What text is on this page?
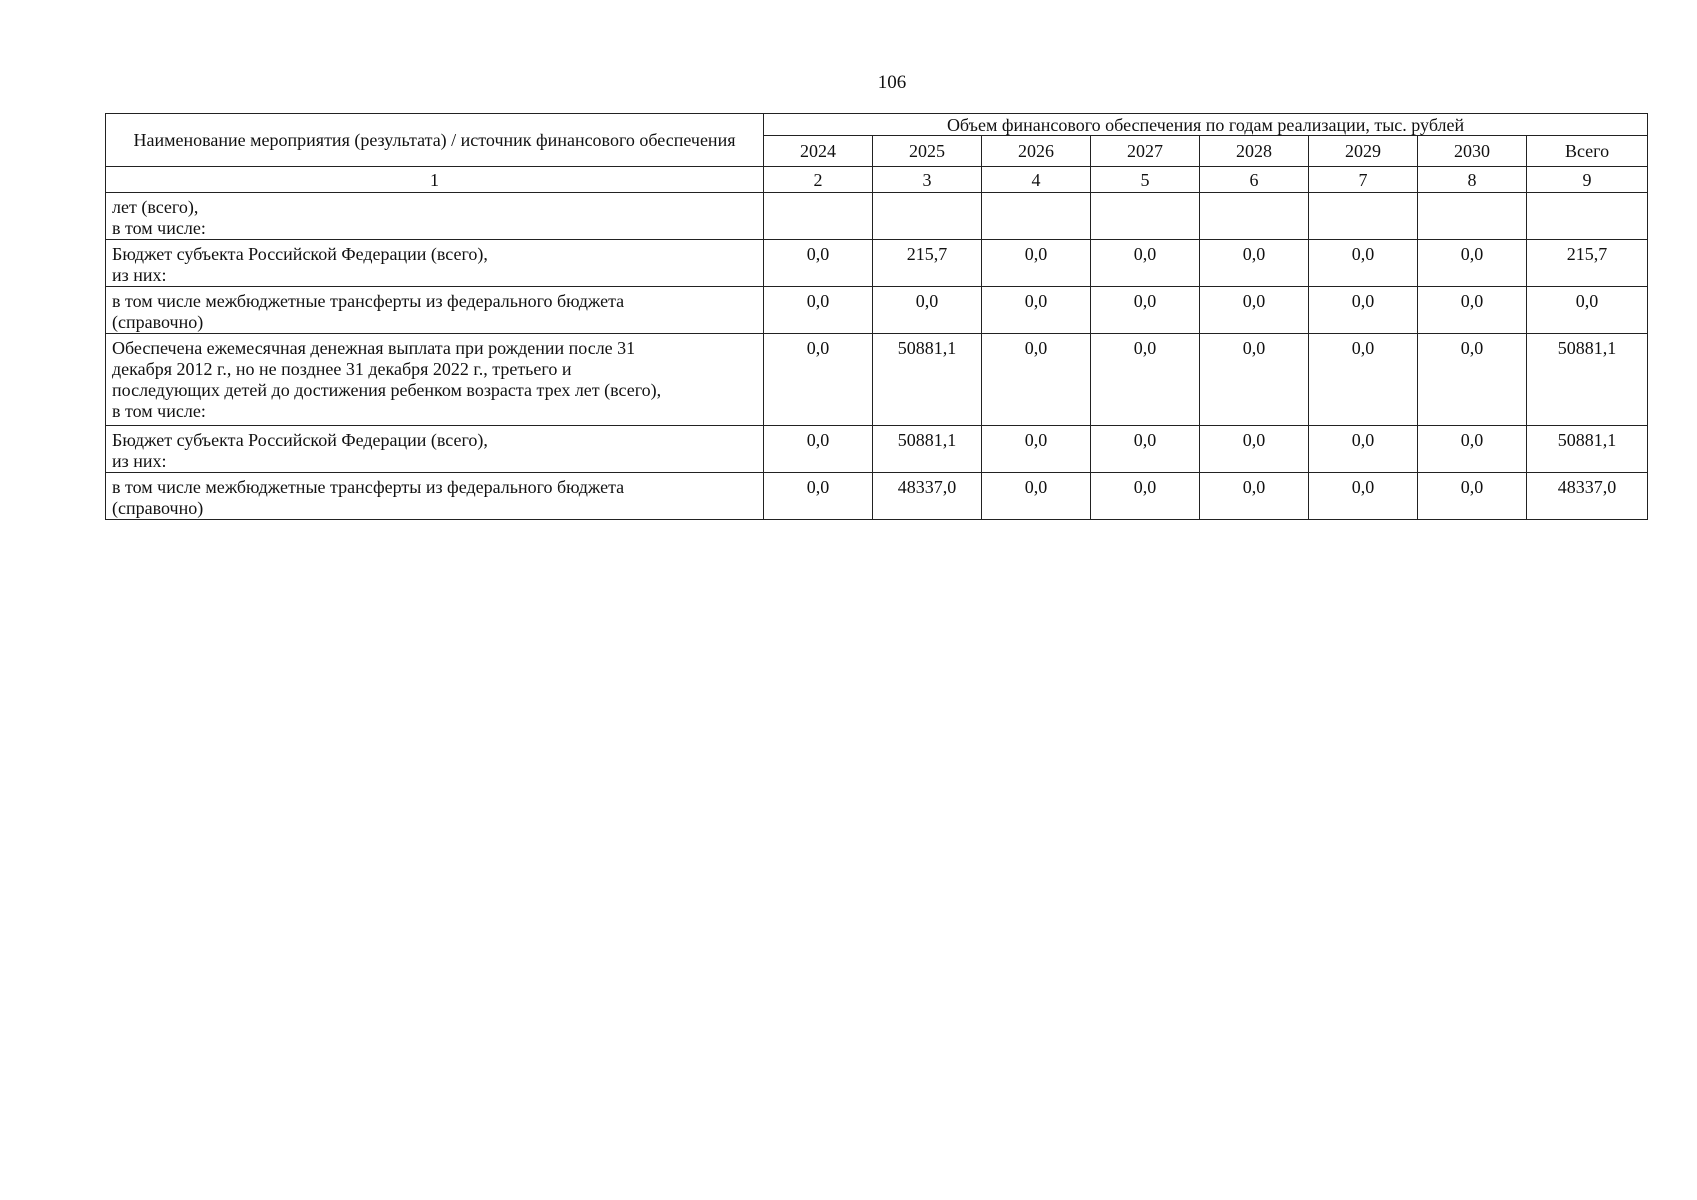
106
Наименование мероприятия (результата) / источник финансового обеспечения	Объем финансового обеспечения по годам реализации, тыс. рублей							
	2024	2025	2026	2027	2028	2029	2030	Всего
1	2	3	4	5	6	7	8	9
лет (всего),
в том числе:								
Бюджет субъекта Российской Федерации (всего),
из них:	0,0	215,7	0,0	0,0	0,0	0,0	0,0	215,7
в том числе межбюджетные трансферты из федерального бюджета
(справочно)	0,0	0,0	0,0	0,0	0,0	0,0	0,0	0,0
Обеспечена ежемесячная денежная выплата при рождении после 31
декабря 2012 г., но не позднее 31 декабря 2022 г., третьего и
последующих детей до достижения ребенком возраста трех лет (всего),
в том числе:	0,0	50881,1	0,0	0,0	0,0	0,0	0,0	50881,1
Бюджет субъекта Российской Федерации (всего),
из них:	0,0	50881,1	0,0	0,0	0,0	0,0	0,0	50881,1
в том числе межбюджетные трансферты из федерального бюджета
(справочно)	0,0	48337,0	0,0	0,0	0,0	0,0	0,0	48337,0
